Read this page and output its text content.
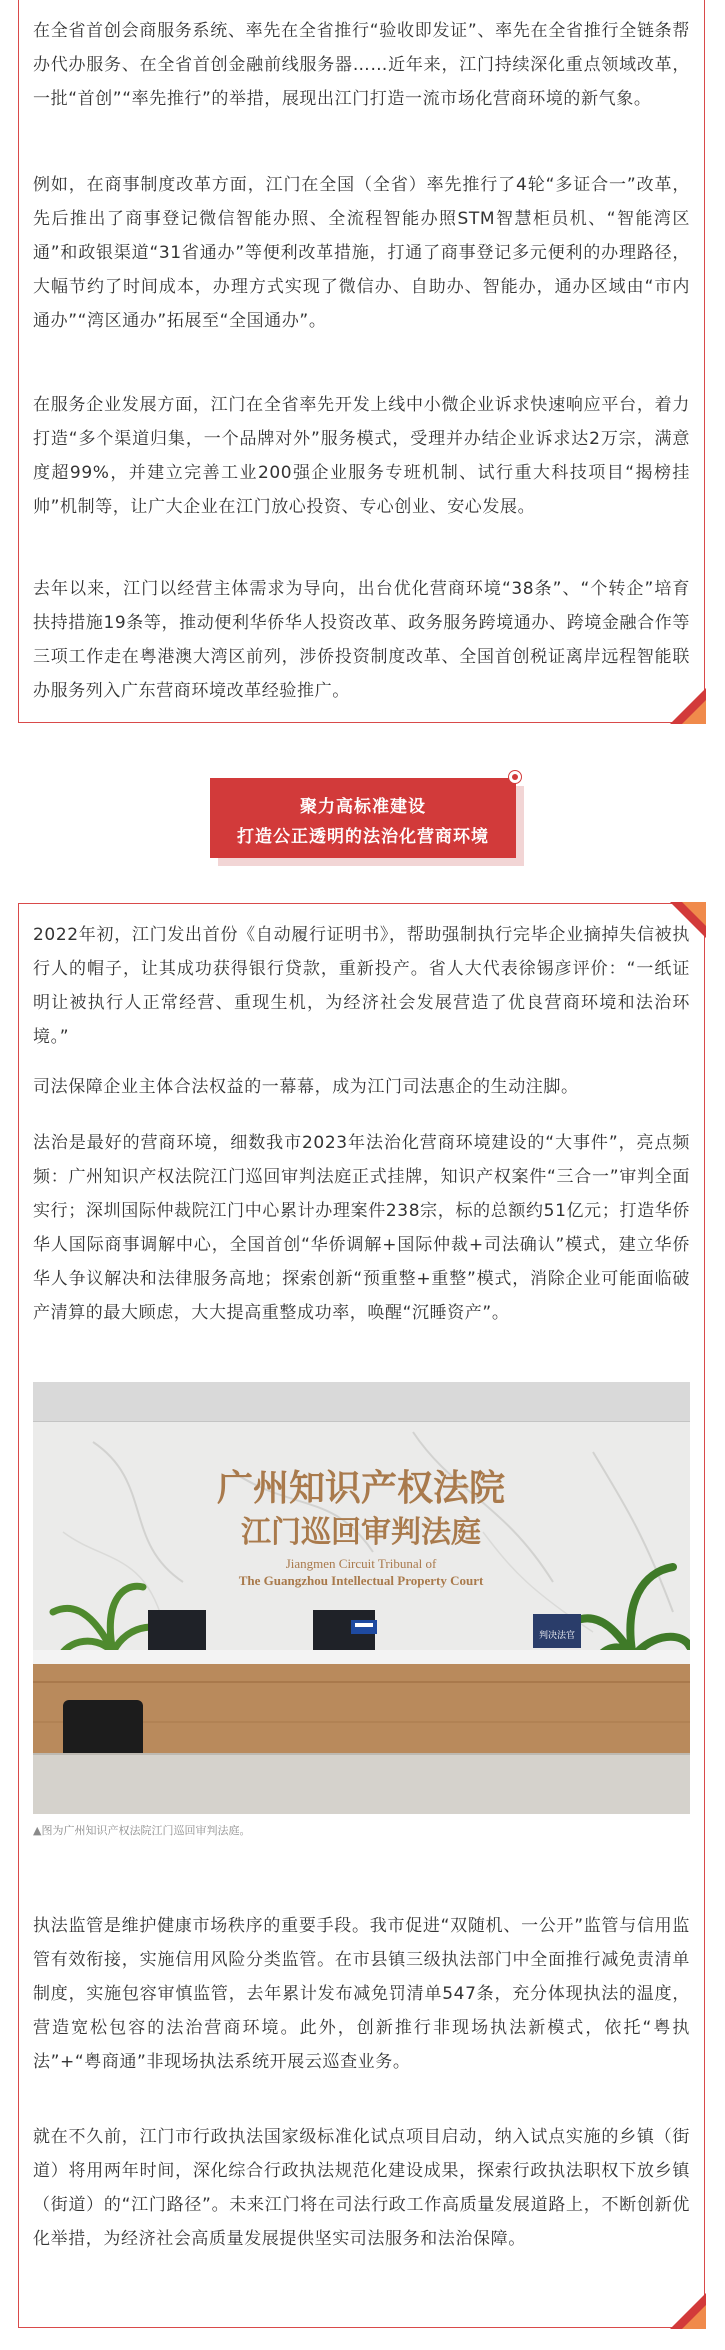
在全省首创会商服务系统、率先在全省推行“验收即发证”、率先在全省推行全链条帮办代办服务、在全省首创金融前线服务器……近年来，江门持续深化重点领域改革，一批“首创”“率先推行”的举措，展现出江门打造一流市场化营商环境的新气象。

例如，在商事制度改革方面，江门在全国（全省）率先推行了4轮“多证合一”改革，先后推出了商事登记微信智能办照、全流程智能办照STM智慧柜员机、“智能湾区通”和政银渠道“31省通办”等便利改革措施，打通了商事登记多元便利的办理路径，大幅节约了时间成本，办理方式实现了微信办、自助办、智能办，通办区域由“市内通办”“湾区通办”拓展至“全国通办”。

在服务企业发展方面，江门在全省率先开发上线中小微企业诉求快速响应平台，着力打造“多个渠道归集，一个品牌对外”服务模式，受理并办结企业诉求达2万宗，满意度超99%，并建立完善工业200强企业服务专班机制、试行重大科技项目“揭榜挂帅”机制等，让广大企业在江门放心投资、专心创业、安心发展。

去年以来，江门以经营主体需求为导向，出台优化营商环境“38条”、“个转企”培育扶持措施19条等，推动便利华侨华人投资改革、政务服务跨境通办、跨境金融合作等三项工作走在粤港澳大湾区前列，涉侨投资制度改革、全国首创税证离岸远程智能联办服务列入广东营商环境改革经验推广。

聚力高标准建设
打造公正透明的法治化营商环境

2022年初，江门发出首份《自动履行证明书》，帮助强制执行完毕企业摘掉失信被执行人的帽子，让其成功获得银行贷款，重新投产。省人大代表徐锡彦评价：“一纸证明让被执行人正常经营、重现生机，为经济社会发展营造了优良营商环境和法治环境。”

司法保障企业主体合法权益的一幕幕，成为江门司法惠企的生动注脚。

法治是最好的营商环境，细数我市2023年法治化营商环境建设的“大事件”，亮点频频：广州知识产权法院江门巡回审判法庭正式挂牌，知识产权案件“三合一”审判全面实行；深圳国际仲裁院江门中心累计办理案件238宗，标的总额约51亿元；打造华侨华人国际商事调解中心，全国首创“华侨调解+国际仲裁+司法确认”模式，建立华侨华人争议解决和法律服务高地；探索创新“预重整+重整”模式，消除企业可能面临破产清算的最大顾虑，大大提高重整成功率，唤醒“沉睡资产”。

广州知识产权法院
江门巡回审判法庭
Jiangmen Circuit Tribunal of
The Guangzhou Intellectual Property Court
判决法官

▲图为广州知识产权法院江门巡回审判法庭。

执法监管是维护健康市场秩序的重要手段。我市促进“双随机、一公开”监管与信用监管有效衔接，实施信用风险分类监管。在市县镇三级执法部门中全面推行减免责清单制度，实施包容审慎监管，去年累计发布减免罚清单547条，充分体现执法的温度，营造宽松包容的法治营商环境。此外，创新推行非现场执法新模式，依托“粤执法”+“粤商通”非现场执法系统开展云巡查业务。

就在不久前，江门市行政执法国家级标准化试点项目启动，纳入试点实施的乡镇（街道）将用两年时间，深化综合行政执法规范化建设成果，探索行政执法职权下放乡镇（街道）的“江门路径”。未来江门将在司法行政工作高质量发展道路上，不断创新优化举措，为经济社会高质量发展提供坚实司法服务和法治保障。
